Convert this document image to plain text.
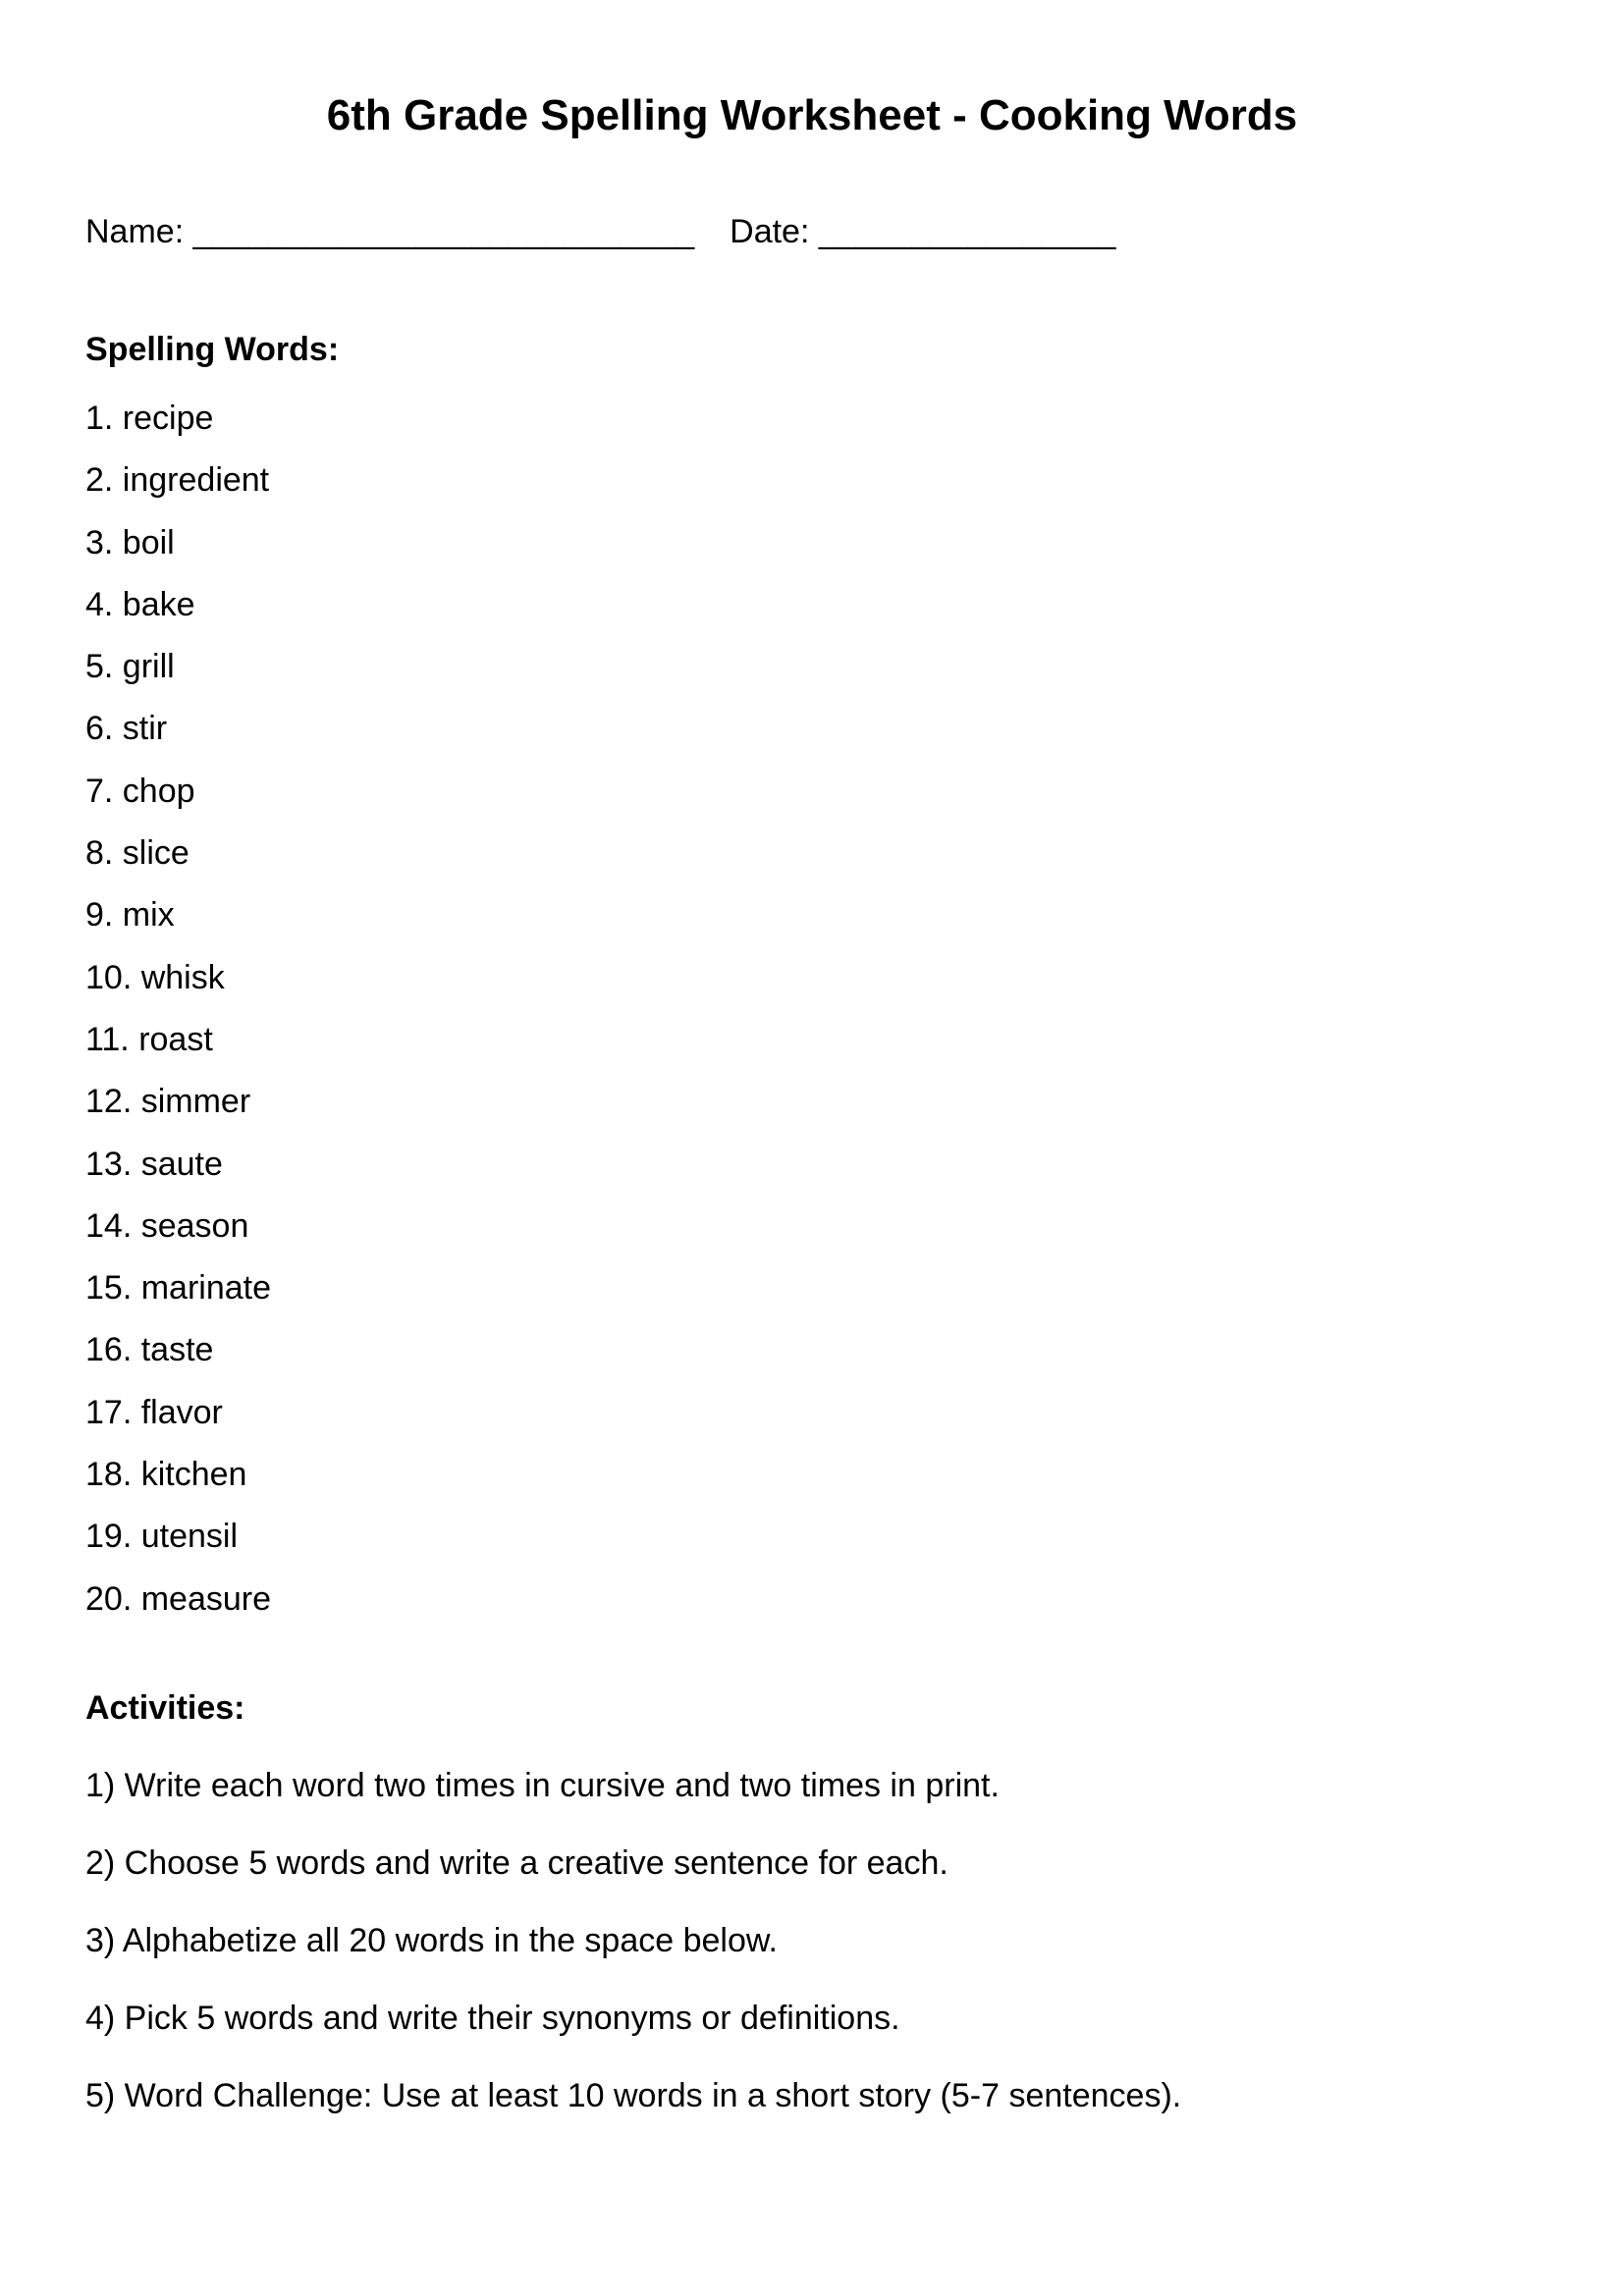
6th Grade Spelling Worksheet - Cooking Words
Name: ___________________________ Date: ________________
Spelling Words:
1. recipe
2. ingredient
3. boil
4. bake
5. grill
6. stir
7. chop
8. slice
9. mix
10. whisk
11. roast
12. simmer
13. saute
14. season
15. marinate
16. taste
17. flavor
18. kitchen
19. utensil
20. measure
Activities:
1) Write each word two times in cursive and two times in print.
2) Choose 5 words and write a creative sentence for each.
3) Alphabetize all 20 words in the space below.
4) Pick 5 words and write their synonyms or definitions.
5) Word Challenge: Use at least 10 words in a short story (5-7 sentences).
